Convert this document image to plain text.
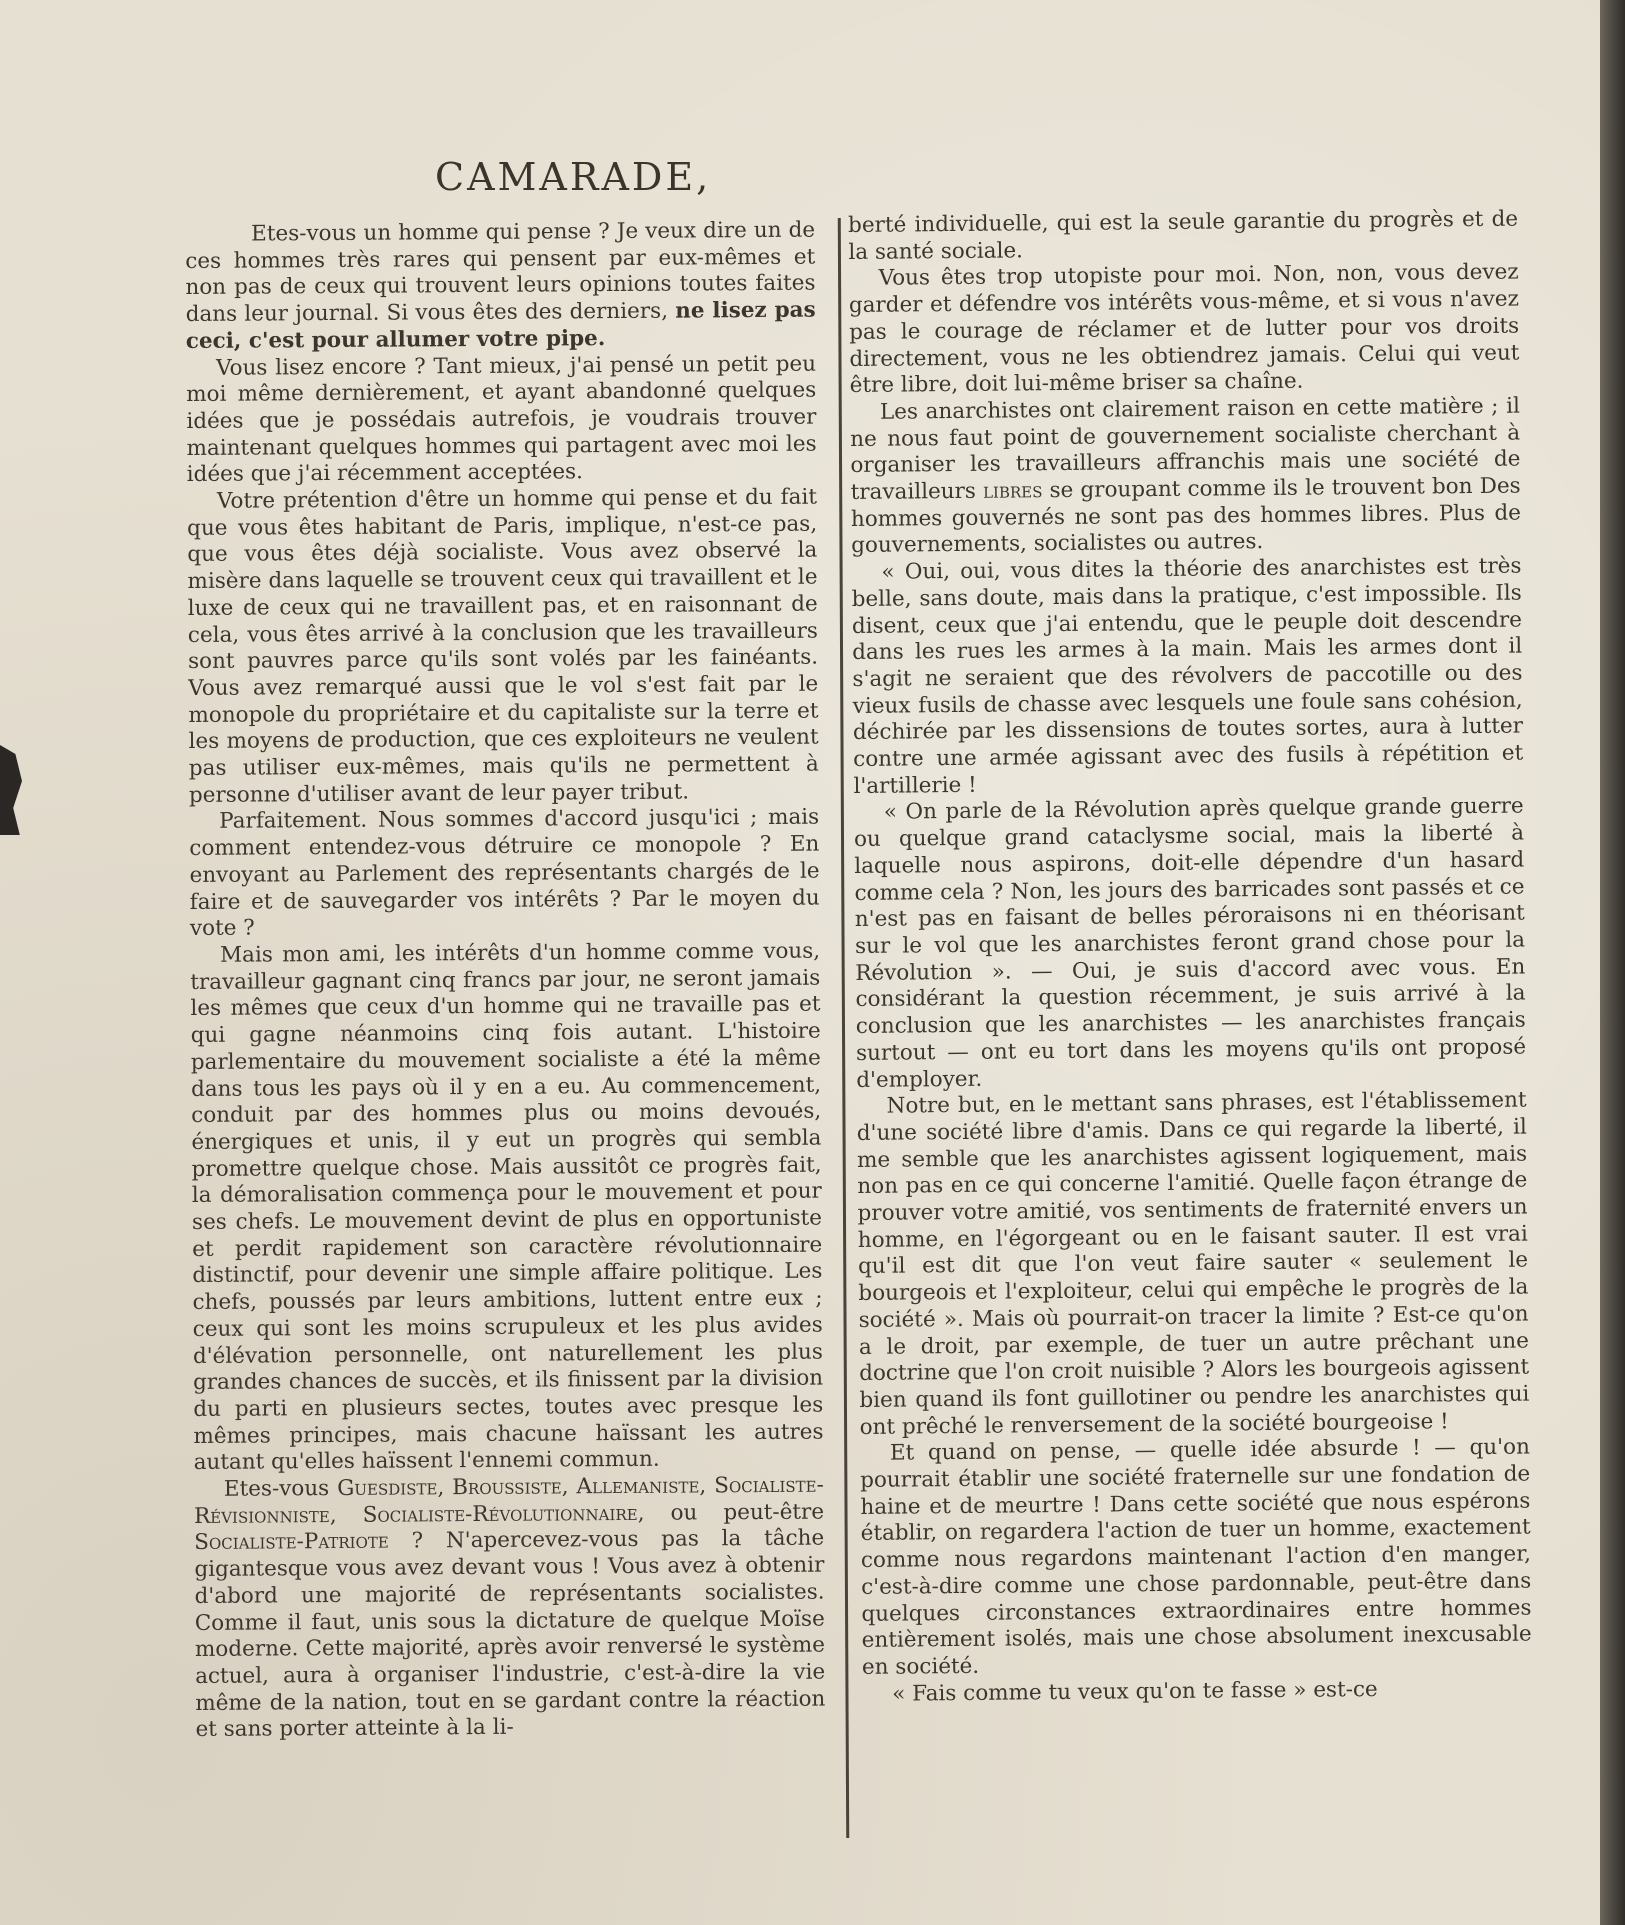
CAMARADE,

Etes-vous un homme qui pense ? Je veux dire un de ces hommes très rares qui pensent par eux-mêmes et non pas de ceux qui trouvent leurs opinions toutes faites dans leur journal. Si vous êtes des derniers, ne lisez pas ceci, c'est pour allumer votre pipe.

Vous lisez encore ? Tant mieux, j'ai pensé un petit peu moi même dernièrement, et ayant abandonné quelques idées que je possédais autrefois, je voudrais trouver maintenant quelques hommes qui partagent avec moi les idées que j'ai récemment acceptées.

Votre prétention d'être un homme qui pense et du fait que vous êtes habitant de Paris, implique, n'est-ce pas, que vous êtes déjà socialiste. Vous avez observé la misère dans laquelle se trouvent ceux qui travaillent et le luxe de ceux qui ne travaillent pas, et en raisonnant de cela, vous êtes arrivé à la conclusion que les travailleurs sont pauvres parce qu'ils sont volés par les fainéants. Vous avez remarqué aussi que le vol s'est fait par le monopole du propriétaire et du capitaliste sur la terre et les moyens de production, que ces exploiteurs ne veulent pas utiliser eux-mêmes, mais qu'ils ne permettent à personne d'utiliser avant de leur payer tribut.

Parfaitement. Nous sommes d'accord jusqu'ici ; mais comment entendez-vous détruire ce monopole ? En envoyant au Parlement des représentants chargés de le faire et de sauvegarder vos intérêts ? Par le moyen du vote ?

Mais mon ami, les intérêts d'un homme comme vous, travailleur gagnant cinq francs par jour, ne seront jamais les mêmes que ceux d'un homme qui ne travaille pas et qui gagne néanmoins cinq fois autant. L'histoire parlementaire du mouvement socialiste a été la même dans tous les pays où il y en a eu. Au commencement, conduit par des hommes plus ou moins devoués, énergiques et unis, il y eut un progrès qui sembla promettre quelque chose. Mais aussitôt ce progrès fait, la démoralisation commença pour le mouvement et pour ses chefs. Le mouvement devint de plus en opportuniste et perdit rapidement son caractère révolutionnaire distinctif, pour devenir une simple affaire politique. Les chefs, poussés par leurs ambitions, luttent entre eux ; ceux qui sont les moins scrupuleux et les plus avides d'élévation personnelle, ont naturellement les plus grandes chances de succès, et ils finissent par la division du parti en plusieurs sectes, toutes avec presque les mêmes principes, mais chacune haïssant les autres autant qu'elles haïssent l'ennemi commun.

Etes-vous Guesdiste, Broussiste, Allemaniste, Socialiste-Révisionniste, Socialiste-Révolutionnaire, ou peut-être Socialiste-Patriote ? N'apercevez-vous pas la tâche gigantesque vous avez devant vous ! Vous avez à obtenir d'abord une majorité de représentants socialistes. Comme il faut, unis sous la dictature de quelque Moïse moderne. Cette majorité, après avoir renversé le système actuel, aura à organiser l'industrie, c'est-à-dire la vie même de la nation, tout en se gardant contre la réaction et sans porter atteinte à la li-

berté individuelle, qui est la seule garantie du progrès et de la santé sociale.

Vous êtes trop utopiste pour moi. Non, non, vous devez garder et défendre vos intérêts vous-même, et si vous n'avez pas le courage de réclamer et de lutter pour vos droits directement, vous ne les obtiendrez jamais. Celui qui veut être libre, doit lui-même briser sa chaîne.

Les anarchistes ont clairement raison en cette matière ; il ne nous faut point de gouvernement socialiste cherchant à organiser les travailleurs affranchis mais une société de travailleurs libres se groupant comme ils le trouvent bon Des hommes gouvernés ne sont pas des hommes libres. Plus de gouvernements, socialistes ou autres.

« Oui, oui, vous dites la théorie des anarchistes est très belle, sans doute, mais dans la pratique, c'est impossible. Ils disent, ceux que j'ai entendu, que le peuple doit descendre dans les rues les armes à la main. Mais les armes dont il s'agit ne seraient que des révolvers de paccotille ou des vieux fusils de chasse avec lesquels une foule sans cohésion, déchirée par les dissensions de toutes sortes, aura à lutter contre une armée agissant avec des fusils à répétition et l'artillerie !

« On parle de la Révolution après quelque grande guerre ou quelque grand cataclysme social, mais la liberté à laquelle nous aspirons, doit-elle dépendre d'un hasard comme cela ? Non, les jours des barricades sont passés et ce n'est pas en faisant de belles péroraisons ni en théorisant sur le vol que les anarchistes feront grand chose pour la Révolution ». — Oui, je suis d'accord avec vous. En considérant la question récemment, je suis arrivé à la conclusion que les anarchistes — les anarchistes français surtout — ont eu tort dans les moyens qu'ils ont proposé d'employer.

Notre but, en le mettant sans phrases, est l'établissement d'une société libre d'amis. Dans ce qui regarde la liberté, il me semble que les anarchistes agissent logiquement, mais non pas en ce qui concerne l'amitié. Quelle façon étrange de prouver votre amitié, vos sentiments de fraternité envers un homme, en l'égorgeant ou en le faisant sauter. Il est vrai qu'il est dit que l'on veut faire sauter « seulement le bourgeois et l'exploiteur, celui qui empêche le progrès de la société ». Mais où pourrait-on tracer la limite ? Est-ce qu'on a le droit, par exemple, de tuer un autre prêchant une doctrine que l'on croit nuisible ? Alors les bourgeois agissent bien quand ils font guillotiner ou pendre les anarchistes qui ont prêché le renversement de la société bourgeoise !

Et quand on pense, — quelle idée absurde ! — qu'on pourrait établir une société fraternelle sur une fondation de haine et de meurtre ! Dans cette société que nous espérons établir, on regardera l'action de tuer un homme, exactement comme nous regardons maintenant l'action d'en manger, c'est-à-dire comme une chose pardonnable, peut-être dans quelques circonstances extraordinaires entre hommes entièrement isolés, mais une chose absolument inexcusable en société.

« Fais comme tu veux qu'on te fasse » est-ce
